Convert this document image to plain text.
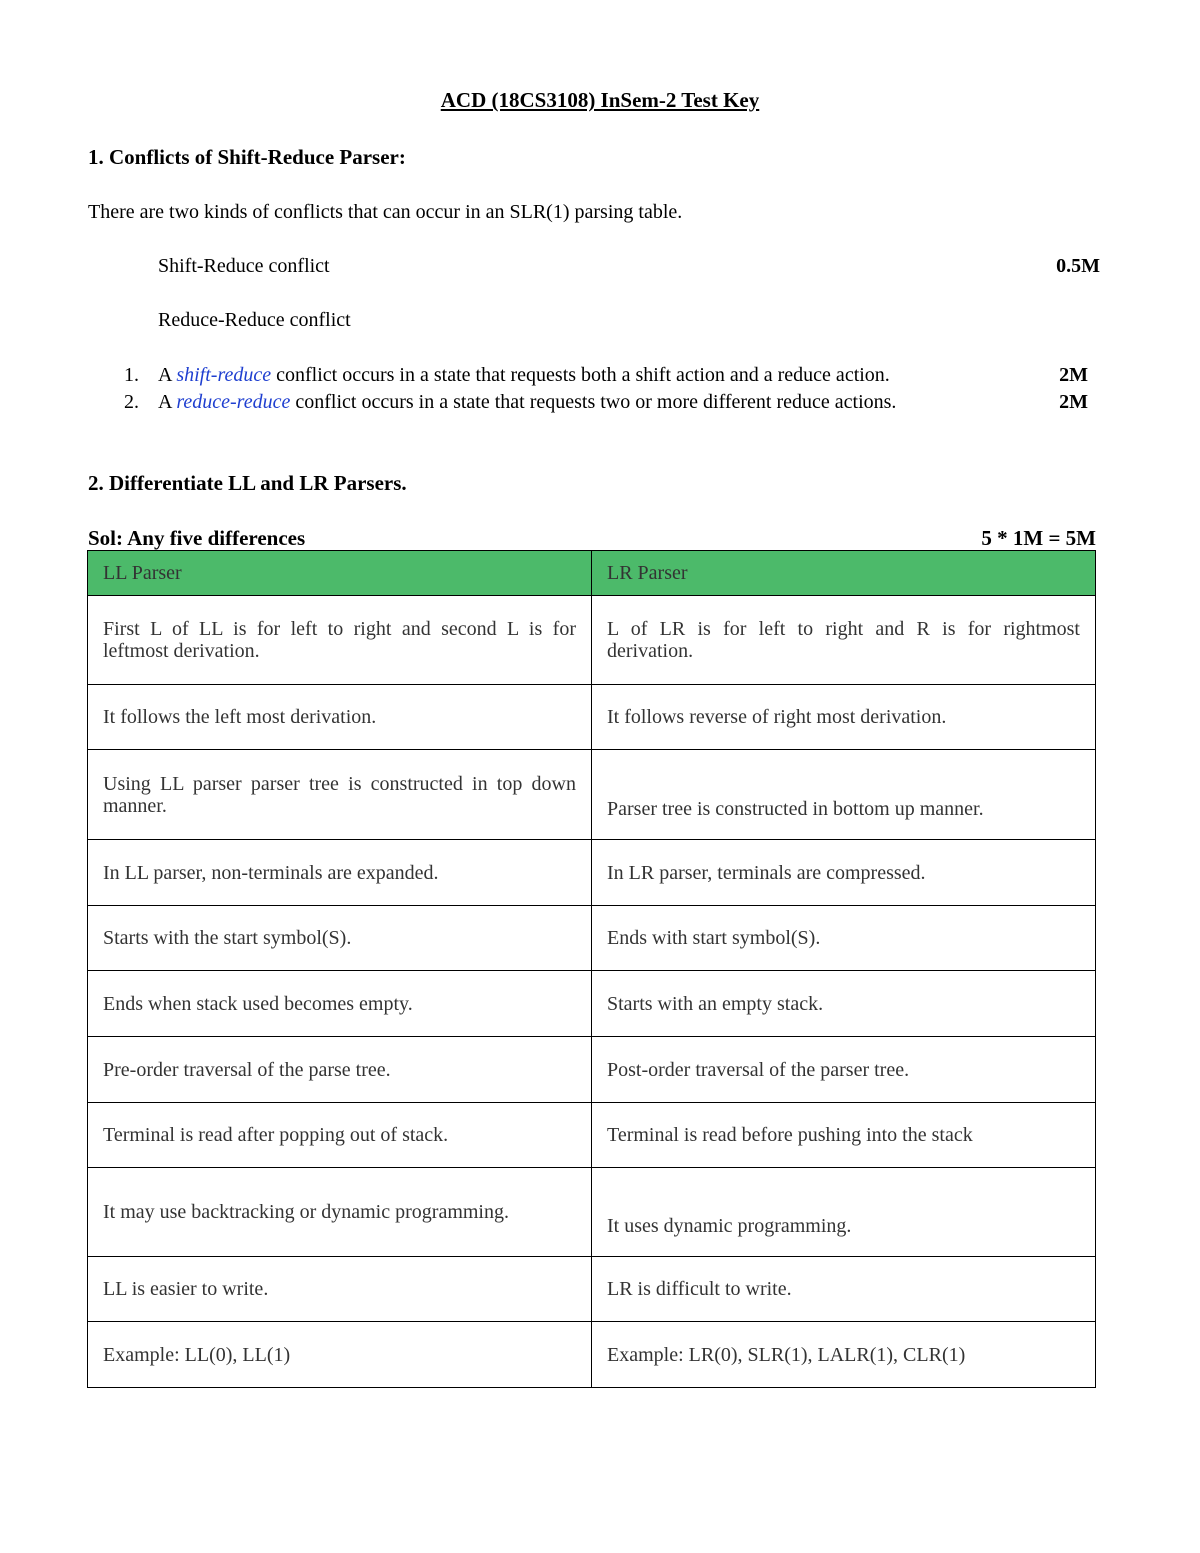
ACD (18CS3108) InSem-2 Test Key
1. Conflicts of Shift-Reduce Parser:
There are two kinds of conflicts that can occur in an SLR(1) parsing table.
Shift-Reduce conflict	0.5M
Reduce-Reduce conflict
1. A shift-reduce conflict occurs in a state that requests both a shift action and a reduce action.	2M
2. A reduce-reduce conflict occurs in a state that requests two or more different reduce actions.	2M
2. Differentiate LL and LR Parsers.
Sol: Any five differences	5 * 1M = 5M
LL Parser	LR Parser
First L of LL is for left to right and second L is for leftmost derivation.	L of LR is for left to right and R is for rightmost derivation.
It follows the left most derivation.	It follows reverse of right most derivation.
Using LL parser parser tree is constructed in top down manner.	Parser tree is constructed in bottom up manner.
In LL parser, non-terminals are expanded.	In LR parser, terminals are compressed.
Starts with the start symbol(S).	Ends with start symbol(S).
Ends when stack used becomes empty.	Starts with an empty stack.
Pre-order traversal of the parse tree.	Post-order traversal of the parser tree.
Terminal is read after popping out of stack.	Terminal is read before pushing into the stack
It may use backtracking or dynamic programming.	It uses dynamic programming.
LL is easier to write.	LR is difficult to write.
Example: LL(0), LL(1)	Example: LR(0), SLR(1), LALR(1), CLR(1)
